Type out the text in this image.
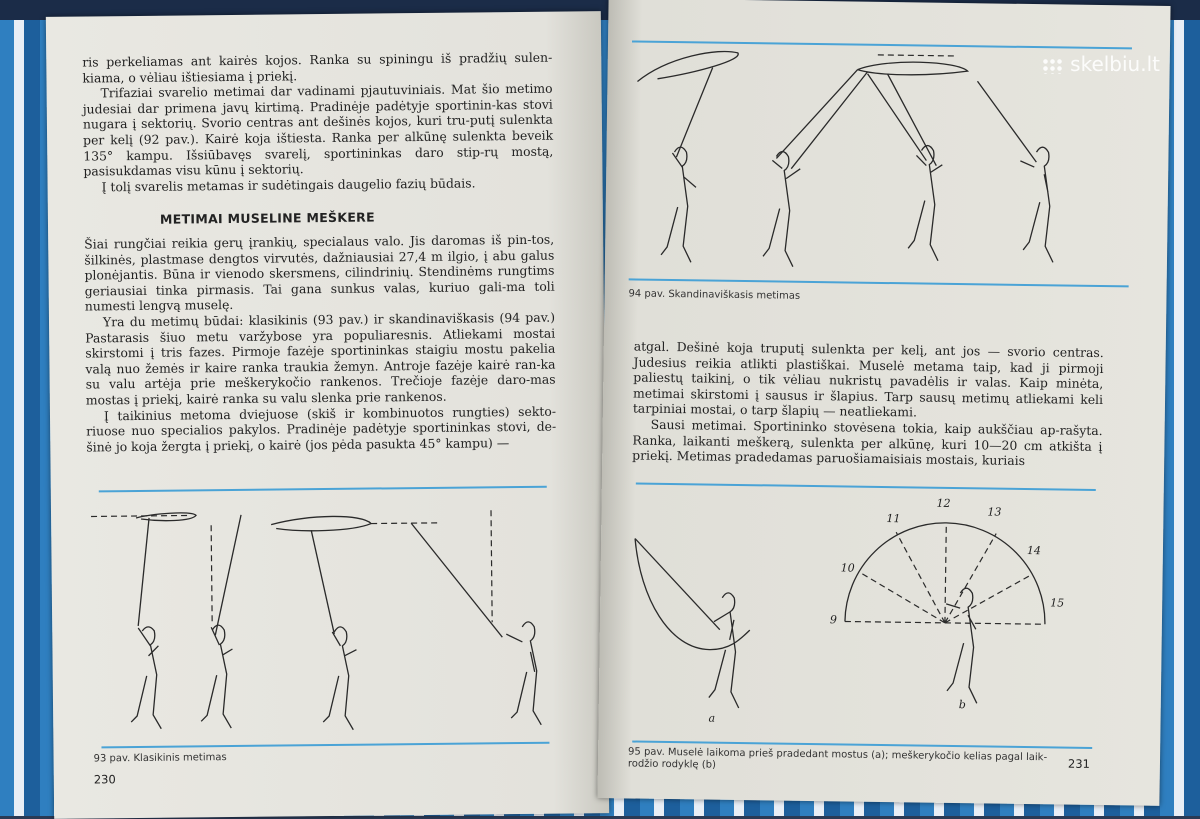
ris perkeliamas ant kairės kojos. Ranka su spiningu iš pradžių sulen-kiama, o vėliau ištiesiama į priekį.

Trifaziai svarelio metimai dar vadinami pjautuviniais. Mat šio metimo judesiai dar primena javų kirtimą. Pradinėje padėtyje sportinin-kas stovi nugara į sektorių. Svorio centras ant dešinės kojos, kuri tru-putį sulenkta per kelį (92 pav.). Kairė koja ištiesta. Ranka per alkūnę sulenkta beveik 135° kampu. Išsiūbavęs svarelį, sportininkas daro stip-rų mostą, pasisukdamas visu kūnu į sektorių.

Į tolį svarelis metamas ir sudėtingais daugelio fazių būdais.

METIMAI MUSELINE MEŠKERE

Šiai rungčiai reikia gerų įrankių, specialaus valo. Jis daromas iš pin-tos, šilkinės, plastmase dengtos virvutės, dažniausiai 27,4 m ilgio, į abu galus plonėjantis. Būna ir vienodo skersmens, cilindrinių. Stendinėms rungtims geriausiai tinka pirmasis. Tai gana sunkus valas, kuriuo gali-ma toli numesti lengvą muselę.

Yra du metimų būdai: klasikinis (93 pav.) ir skandinaviškasis (94 pav.) Pastarasis šiuo metu varžybose yra populiaresnis. Atliekami mostai skirstomi į tris fazes. Pirmoje fazėje sportininkas staigiu mostu pakelia valą nuo žemės ir kaire ranka traukia žemyn. Antroje fazėje kairė ran-ka su valu artėja prie meškerykočio rankenos. Trečioje fazėje daro-mas mostas į priekį, kairė ranka su valu slenka prie rankenos.

Į taikinius metoma dviejuose (skiš ir kombinuotos rungties) sekto-riuose nuo specialios pakylos. Pradinėje padėtyje sportininkas stovi, de-šinė jo koja žergta į priekį, o kairė (jos pėda pasukta 45° kampu) —

93 pav. Klasikinis metimas
230
94 pav. Skandinaviškasis metimas

atgal. Dešinė koja truputį sulenkta per kelį, ant jos — svorio centras. Judesius reikia atlikti plastiškai. Muselė metama taip, kad ji pirmoji paliestų taikinį, o tik vėliau nukristų pavadėlis ir valas. Kaip minėta, metimai skirstomi į sausus ir šlapius. Tarp sausų metimų atliekami keli tarpiniai mostai, o tarp šlapių — neatliekami.

Sausi metimai. Sportininko stovėsena tokia, kaip aukščiau ap-rašyta. Ranka, laikanti meškerą, sulenkta per alkūnę, kuri 10—20 cm atkišta į priekį. Metimas pradedamas paruošiamaisiais mostais, kuriais

a
9
10
11
12
13
14
15
b
95 pav. Muselė laikoma prieš pradedant mostus (a); meškerykočio kelias pagal laik-rodžio rodyklę (b)	231
skelbiu.lt
